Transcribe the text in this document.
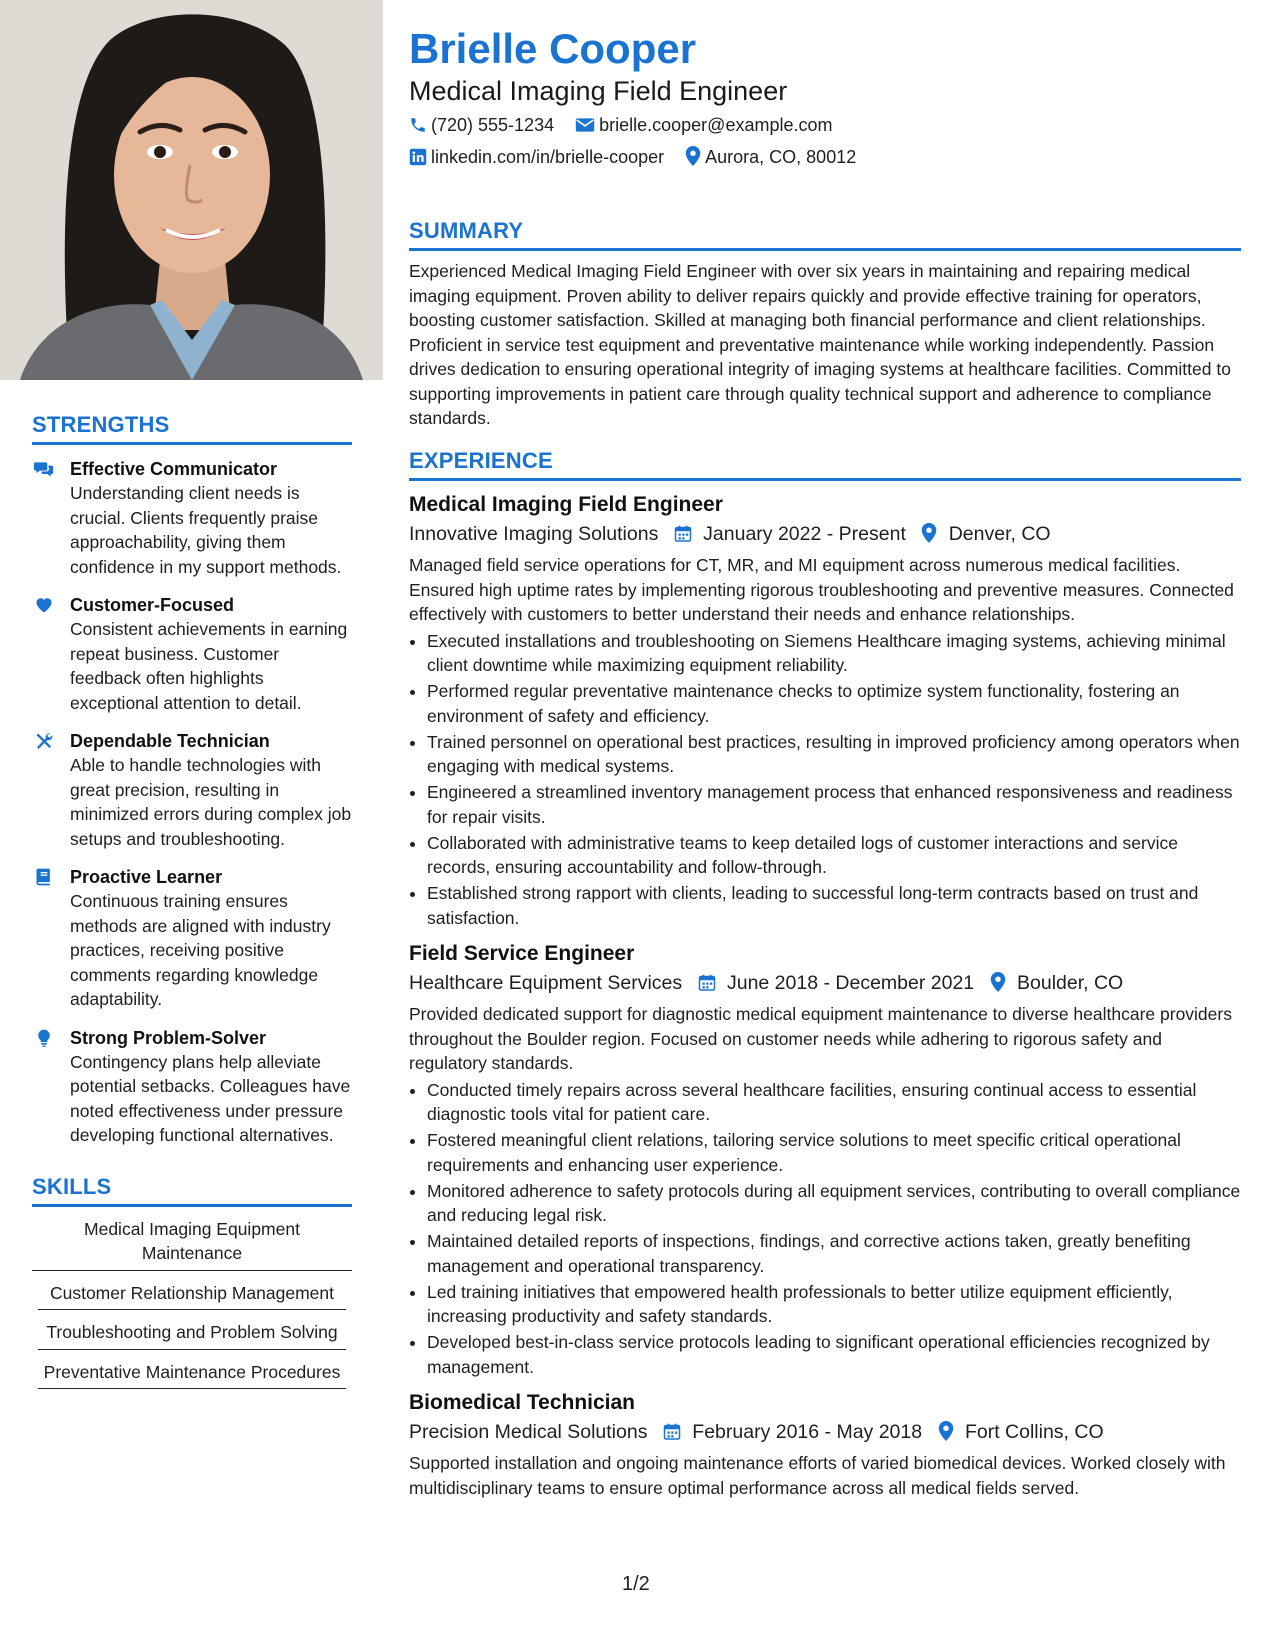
STRENGTHS
Effective Communicator
Understanding client needs is crucial. Clients frequently praise approachability, giving them confidence in my support methods.
Customer-Focused
Consistent achievements in earning repeat business. Customer feedback often highlights exceptional attention to detail.
Dependable Technician
Able to handle technologies with great precision, resulting in minimized errors during complex job setups and troubleshooting.
Proactive Learner
Continuous training ensures methods are aligned with industry practices, receiving positive comments regarding knowledge adaptability.
Strong Problem-Solver
Contingency plans help alleviate potential setbacks. Colleagues have noted effectiveness under pressure developing functional alternatives.
SKILLS
Medical Imaging Equipment Maintenance
Customer Relationship Management
Troubleshooting and Problem Solving
Preventative Maintenance Procedures
Brielle Cooper
Medical Imaging Field Engineer
(720) 555-1234	brielle.cooper@example.com
linkedin.com/in/brielle-cooper Aurora, CO, 80012
SUMMARY
Experienced Medical Imaging Field Engineer with over six years in maintaining and repairing medical imaging equipment. Proven ability to deliver repairs quickly and provide effective training for operators, boosting customer satisfaction. Skilled at managing both financial performance and client relationships. Proficient in service test equipment and preventative maintenance while working independently. Passion drives dedication to ensuring operational integrity of imaging systems at healthcare facilities. Committed to supporting improvements in patient care through quality technical support and adherence to compliance standards.
EXPERIENCE
Medical Imaging Field Engineer
Innovative Imaging Solutions January 2022 - Present Denver, CO
Managed field service operations for CT, MR, and MI equipment across numerous medical facilities. Ensured high uptime rates by implementing rigorous troubleshooting and preventive measures. Connected effectively with customers to better understand their needs and enhance relationships.
• Executed installations and troubleshooting on Siemens Healthcare imaging systems, achieving minimal client downtime while maximizing equipment reliability.
• Performed regular preventative maintenance checks to optimize system functionality, fostering an environment of safety and efficiency.
• Trained personnel on operational best practices, resulting in improved proficiency among operators when engaging with medical systems.
• Engineered a streamlined inventory management process that enhanced responsiveness and readiness for repair visits.
• Collaborated with administrative teams to keep detailed logs of customer interactions and service records, ensuring accountability and follow-through.
• Established strong rapport with clients, leading to successful long-term contracts based on trust and satisfaction.
Field Service Engineer
Healthcare Equipment Services June 2018 - December 2021 Boulder, CO
Provided dedicated support for diagnostic medical equipment maintenance to diverse healthcare providers throughout the Boulder region. Focused on customer needs while adhering to rigorous safety and regulatory standards.
• Conducted timely repairs across several healthcare facilities, ensuring continual access to essential diagnostic tools vital for patient care.
• Fostered meaningful client relations, tailoring service solutions to meet specific critical operational requirements and enhancing user experience.
• Monitored adherence to safety protocols during all equipment services, contributing to overall compliance and reducing legal risk.
• Maintained detailed reports of inspections, findings, and corrective actions taken, greatly benefiting management and operational transparency.
• Led training initiatives that empowered health professionals to better utilize equipment efficiently, increasing productivity and safety standards.
• Developed best-in-class service protocols leading to significant operational efficiencies recognized by management.
Biomedical Technician
Precision Medical Solutions February 2016 - May 2018 Fort Collins, CO
Supported installation and ongoing maintenance efforts of varied biomedical devices. Worked closely with multidisciplinary teams to ensure optimal performance across all medical fields served.
1/2
